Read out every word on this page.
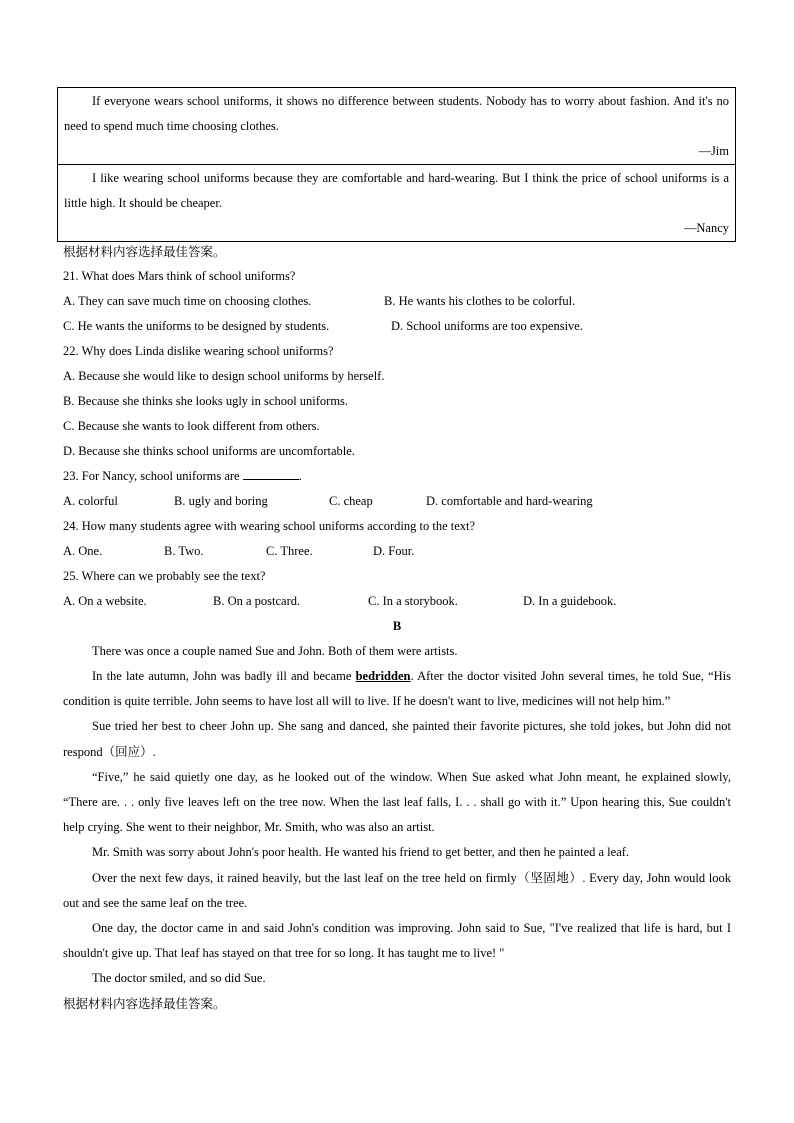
If everyone wears school uniforms, it shows no difference between students. Nobody has to worry about fashion. And it's no need to spend much time choosing clothes.

—Jim

I like wearing school uniforms because they are comfortable and hard-wearing. But I think the price of school uniforms is a little high. It should be cheaper.

—Nancy

根据材料内容选择最佳答案。

21. What does Mars think of school uniforms?

A. They can save much time on choosing clothes.	B. He wants his clothes to be colorful.
C. He wants the uniforms to be designed by students.	D. School uniforms are too expensive.

22. Why does Linda dislike wearing school uniforms?

A. Because she would like to design school uniforms by herself.

B. Because she thinks she looks ugly in school uniforms.

C. Because she wants to look different from others.

D. Because she thinks school uniforms are uncomfortable.

23. For Nancy, school uniforms are	.

A. colorful	B. ugly and boring	C. cheap	D. comfortable and hard-wearing

24. How many students agree with wearing school uniforms according to the text?

A. One.	B. Two.	C. Three.	D. Four.

25. Where can we probably see the text?

A. On a website.	B. On a postcard.	C. In a storybook.	D. In a guidebook.

B

There was once a couple named Sue and John. Both of them were artists.

In the late autumn, John was badly ill and became bedridden. After the doctor visited John several times, he told Sue, “His condition is quite terrible. John seems to have lost all will to live. If he doesn't want to live, medicines will not help him.”

Sue tried her best to cheer John up. She sang and danced, she painted their favorite pictures, she told jokes, but John did not respond（回应）.

“Five,” he said quietly one day, as he looked out of the window. When Sue asked what John meant, he explained slowly, “There are. . . only five leaves left on the tree now. When the last leaf falls, I. . . shall go with it.” Upon hearing this, Sue couldn't help crying. She went to their neighbor, Mr. Smith, who was also an artist.

Mr. Smith was sorry about John's poor health. He wanted his friend to get better, and then he painted a leaf.

Over the next few days, it rained heavily, but the last leaf on the tree held on firmly（坚固地）. Every day, John would look out and see the same leaf on the tree.

One day, the doctor came in and said John's condition was improving. John said to Sue, "I've realized that life is hard, but I shouldn't give up. That leaf has stayed on that tree for so long. It has taught me to live! "

The doctor smiled, and so did Sue.

根据材料内容选择最佳答案。
